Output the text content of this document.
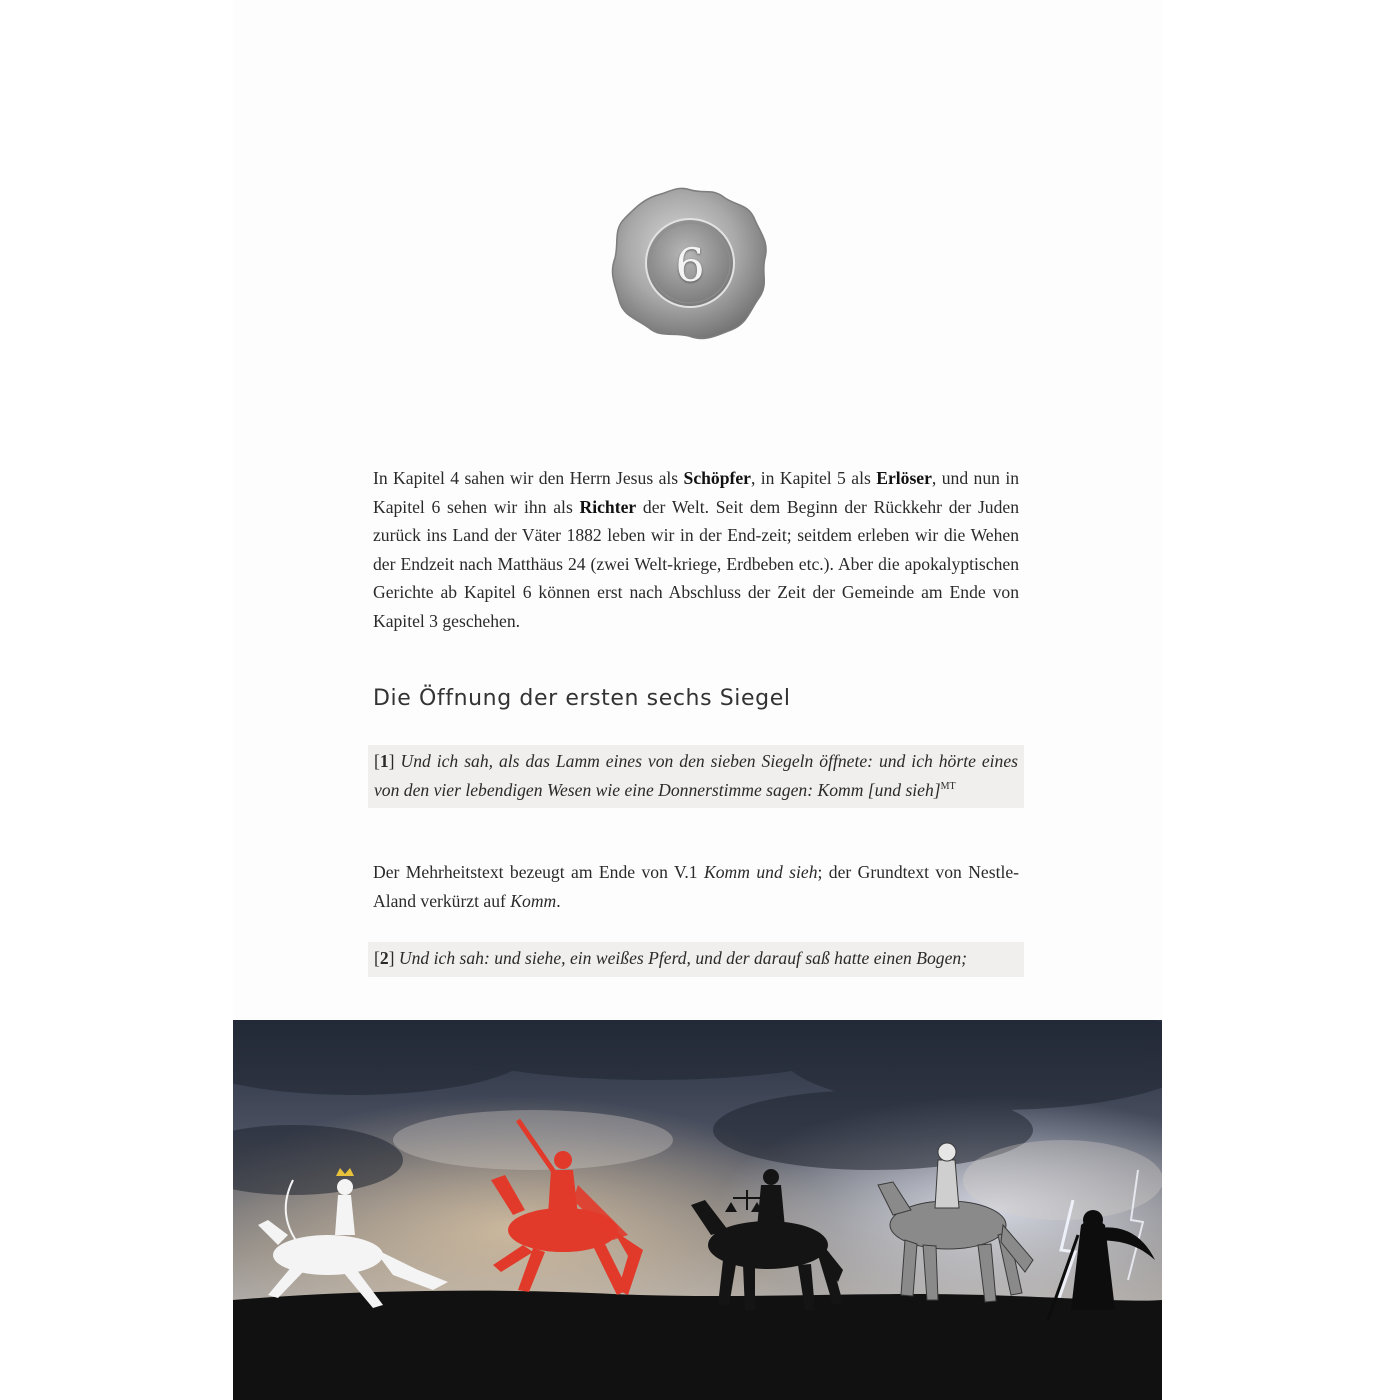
6

In Kapitel 4 sahen wir den Herrn Jesus als Schöpfer, in Kapitel 5 als Erlöser, und nun in Kapitel 6 sehen wir ihn als Richter der Welt. Seit dem Beginn der Rückkehr der Juden zurück ins Land der Väter 1882 leben wir in der End-zeit; seitdem erleben wir die Wehen der Endzeit nach Matthäus 24 (zwei Welt-kriege, Erdbeben etc.). Aber die apokalyptischen Gerichte ab Kapitel 6 können erst nach Abschluss der Zeit der Gemeinde am Ende von Kapitel 3 geschehen.

Die Öffnung der ersten sechs Siegel
[1] Und ich sah, als das Lamm eines von den sieben Siegeln öffnete: und ich hörte eines von den vier lebendigen Wesen wie eine Donnerstimme sagen: Komm [und sieh]$^{MT}$

Der Mehrheitstext bezeugt am Ende von V.1 Komm und sieh; der Grundtext von Nestle-Aland verkürzt auf Komm.

[2] Und ich sah: und siehe, ein weißes Pferd, und der darauf saß hatte einen Bogen;
